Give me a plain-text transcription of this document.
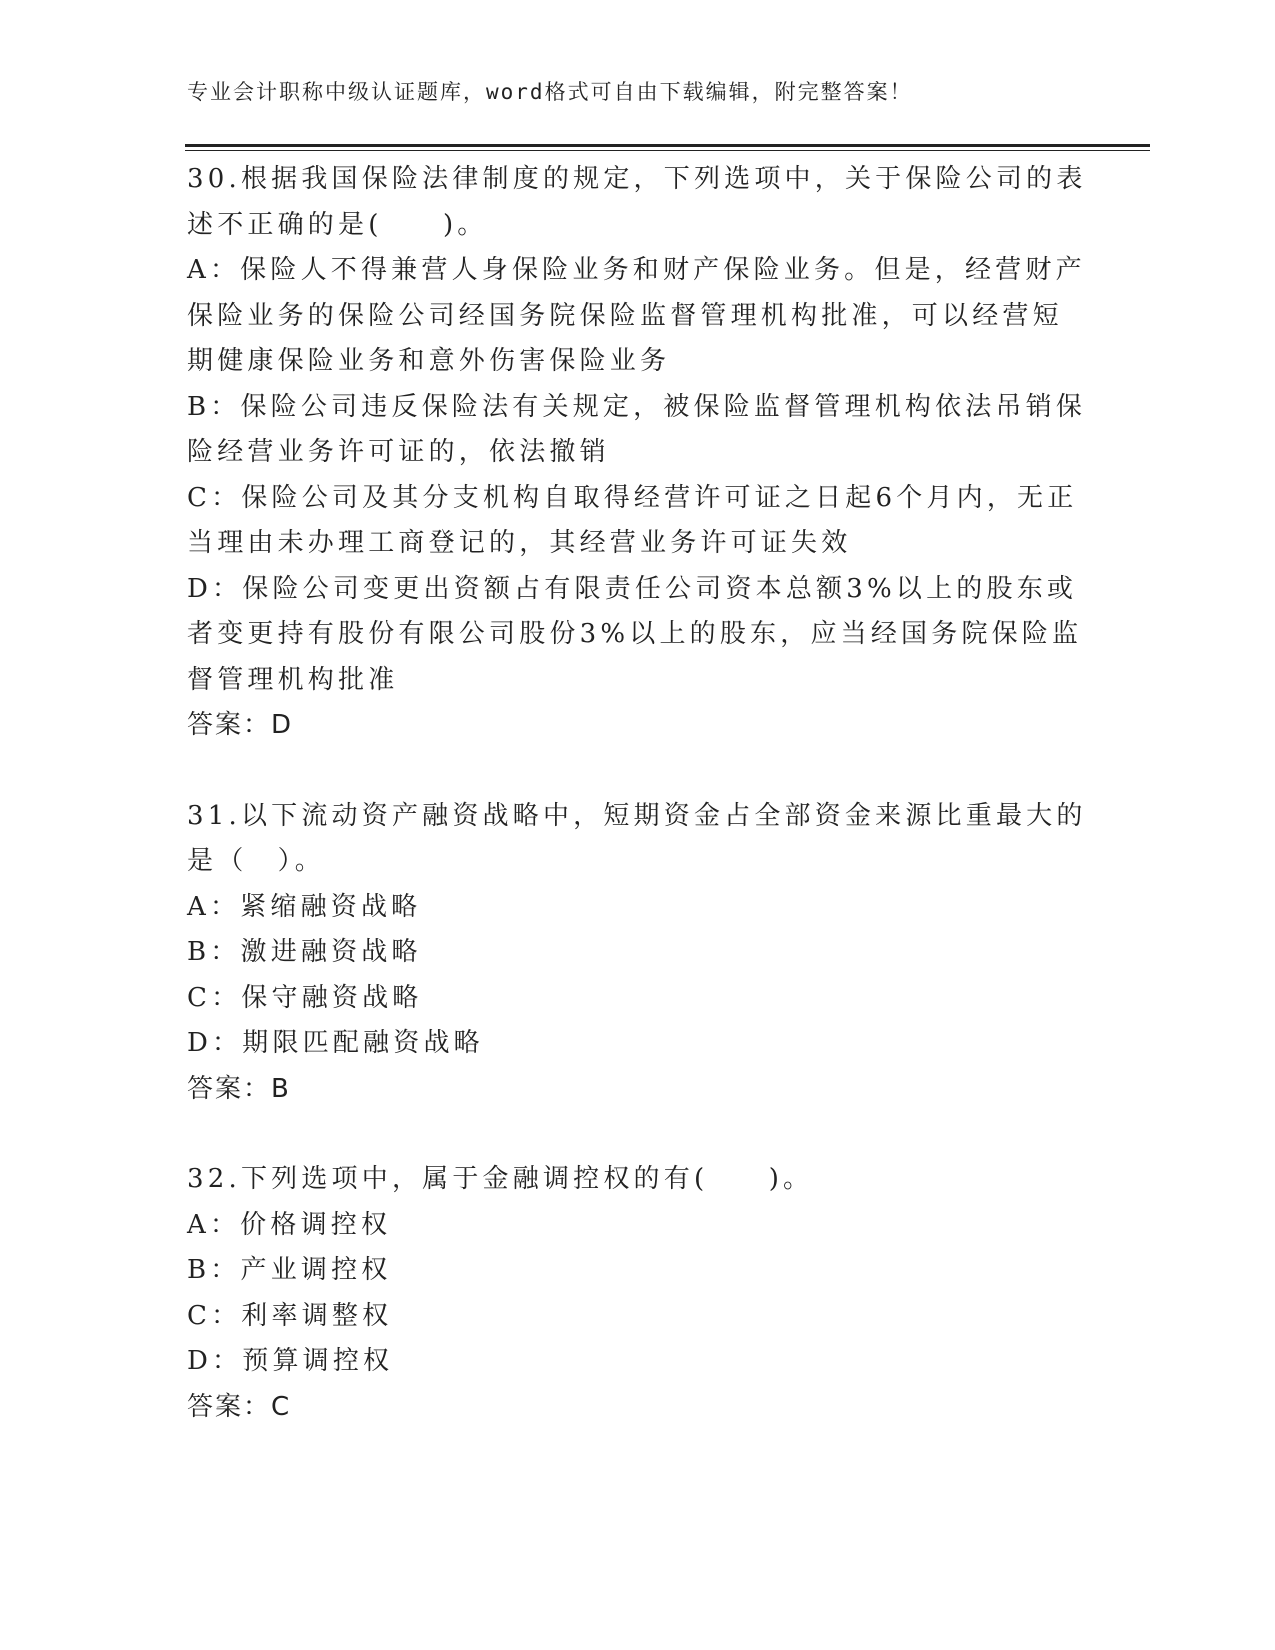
专业会计职称中级认证题库，word格式可自由下载编辑，附完整答案！

30.根据我国保险法律制度的规定，下列选项中，关于保险公司的表述不正确的是(　　)。

A：保险人不得兼营人身保险业务和财产保险业务。但是，经营财产保险业务的保险公司经国务院保险监督管理机构批准，可以经营短期健康保险业务和意外伤害保险业务

B：保险公司违反保险法有关规定，被保险监督管理机构依法吊销保险经营业务许可证的，依法撤销

C：保险公司及其分支机构自取得经营许可证之日起6个月内，无正当理由未办理工商登记的，其经营业务许可证失效

D：保险公司变更出资额占有限责任公司资本总额3%以上的股东或者变更持有股份有限公司股份3%以上的股东，应当经国务院保险监督管理机构批准

答案：D

31.以下流动资产融资战略中，短期资金占全部资金来源比重最大的是（　）。

A：紧缩融资战略

B：激进融资战略

C：保守融资战略

D：期限匹配融资战略

答案：B

32.下列选项中，属于金融调控权的有(　　)。

A：价格调控权

B：产业调控权

C：利率调整权

D：预算调控权

答案：C
